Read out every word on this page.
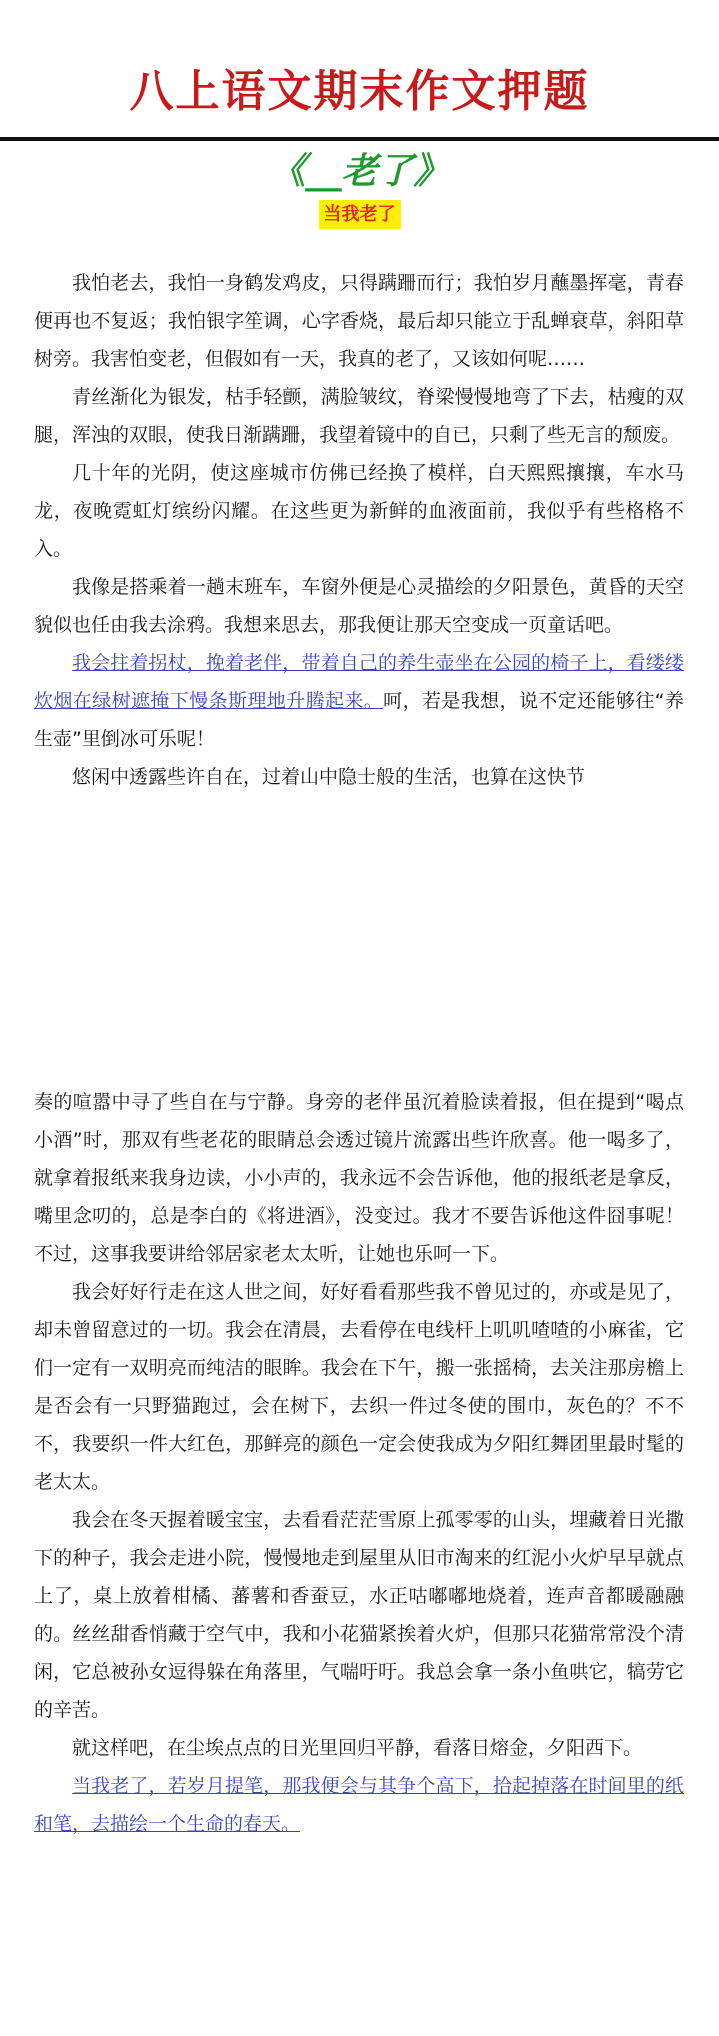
八上语文期末作文押题
《__老了》
当我老了

我怕老去，我怕一身鹤发鸡皮，只得蹒跚而行；我怕岁月蘸墨挥毫，青春便再也不复返；我怕银字笙调，心字香烧，最后却只能立于乱蝉衰草，斜阳草树旁。我害怕变老，但假如有一天，我真的老了，又该如何呢……

青丝渐化为银发，枯手轻颤，满脸皱纹，脊梁慢慢地弯了下去，枯瘦的双腿，浑浊的双眼，使我日渐蹒跚，我望着镜中的自已，只剩了些无言的颓废。

几十年的光阴，使这座城市仿佛已经换了模样，白天熙熙攘攘，车水马龙，夜晚霓虹灯缤纷闪耀。在这些更为新鲜的血液面前，我似乎有些格格不入。

我像是搭乘着一趟末班车，车窗外便是心灵描绘的夕阳景色，黄昏的天空貌似也任由我去涂鸦。我想来思去，那我便让那天空变成一页童话吧。

我会拄着拐杖，挽着老伴，带着自己的养生壶坐在公园的椅子上，看缕缕炊烟在绿树遮掩下慢条斯理地升腾起来。呵，若是我想，说不定还能够往“养生壶”里倒冰可乐呢！

悠闲中透露些许自在，过着山中隐士般的生活，也算在这快节

奏的喧嚣中寻了些自在与宁静。身旁的老伴虽沉着脸读着报，但在提到“喝点小酒”时，那双有些老花的眼睛总会透过镜片流露出些许欣喜。他一喝多了，就拿着报纸来我身边读，小小声的，我永远不会告诉他，他的报纸老是拿反，嘴里念叨的，总是李白的《将进酒》，没变过。我才不要告诉他这件囧事呢！不过，这事我要讲给邻居家老太太听，让她也乐呵一下。

我会好好行走在这人世之间，好好看看那些我不曾见过的，亦或是见了，却未曾留意过的一切。我会在清晨，去看停在电线杆上叽叽喳喳的小麻雀，它们一定有一双明亮而纯洁的眼眸。我会在下午，搬一张摇椅，去关注那房檐上是否会有一只野猫跑过，会在树下，去织一件过冬使的围巾，灰色的？不不不，我要织一件大红色，那鲜亮的颜色一定会使我成为夕阳红舞团里最时髦的老太太。

我会在冬天握着暖宝宝，去看看茫茫雪原上孤零零的山头，埋藏着日光撒下的种子，我会走进小院，慢慢地走到屋里从旧市淘来的红泥小火炉早早就点上了，桌上放着柑橘、蕃薯和香蚕豆，水正咕嘟嘟地烧着，连声音都暖融融的。丝丝甜香悄藏于空气中，我和小花猫紧挨着火炉，但那只花猫常常没个清闲，它总被孙女逗得躲在角落里，气喘吁吁。我总会拿一条小鱼哄它，犒劳它的辛苦。

就这样吧，在尘埃点点的日光里回归平静，看落日熔金，夕阳西下。

当我老了，若岁月提笔，那我便会与其争个高下，拾起掉落在时间里的纸和笔，去描绘一个生命的春天。
